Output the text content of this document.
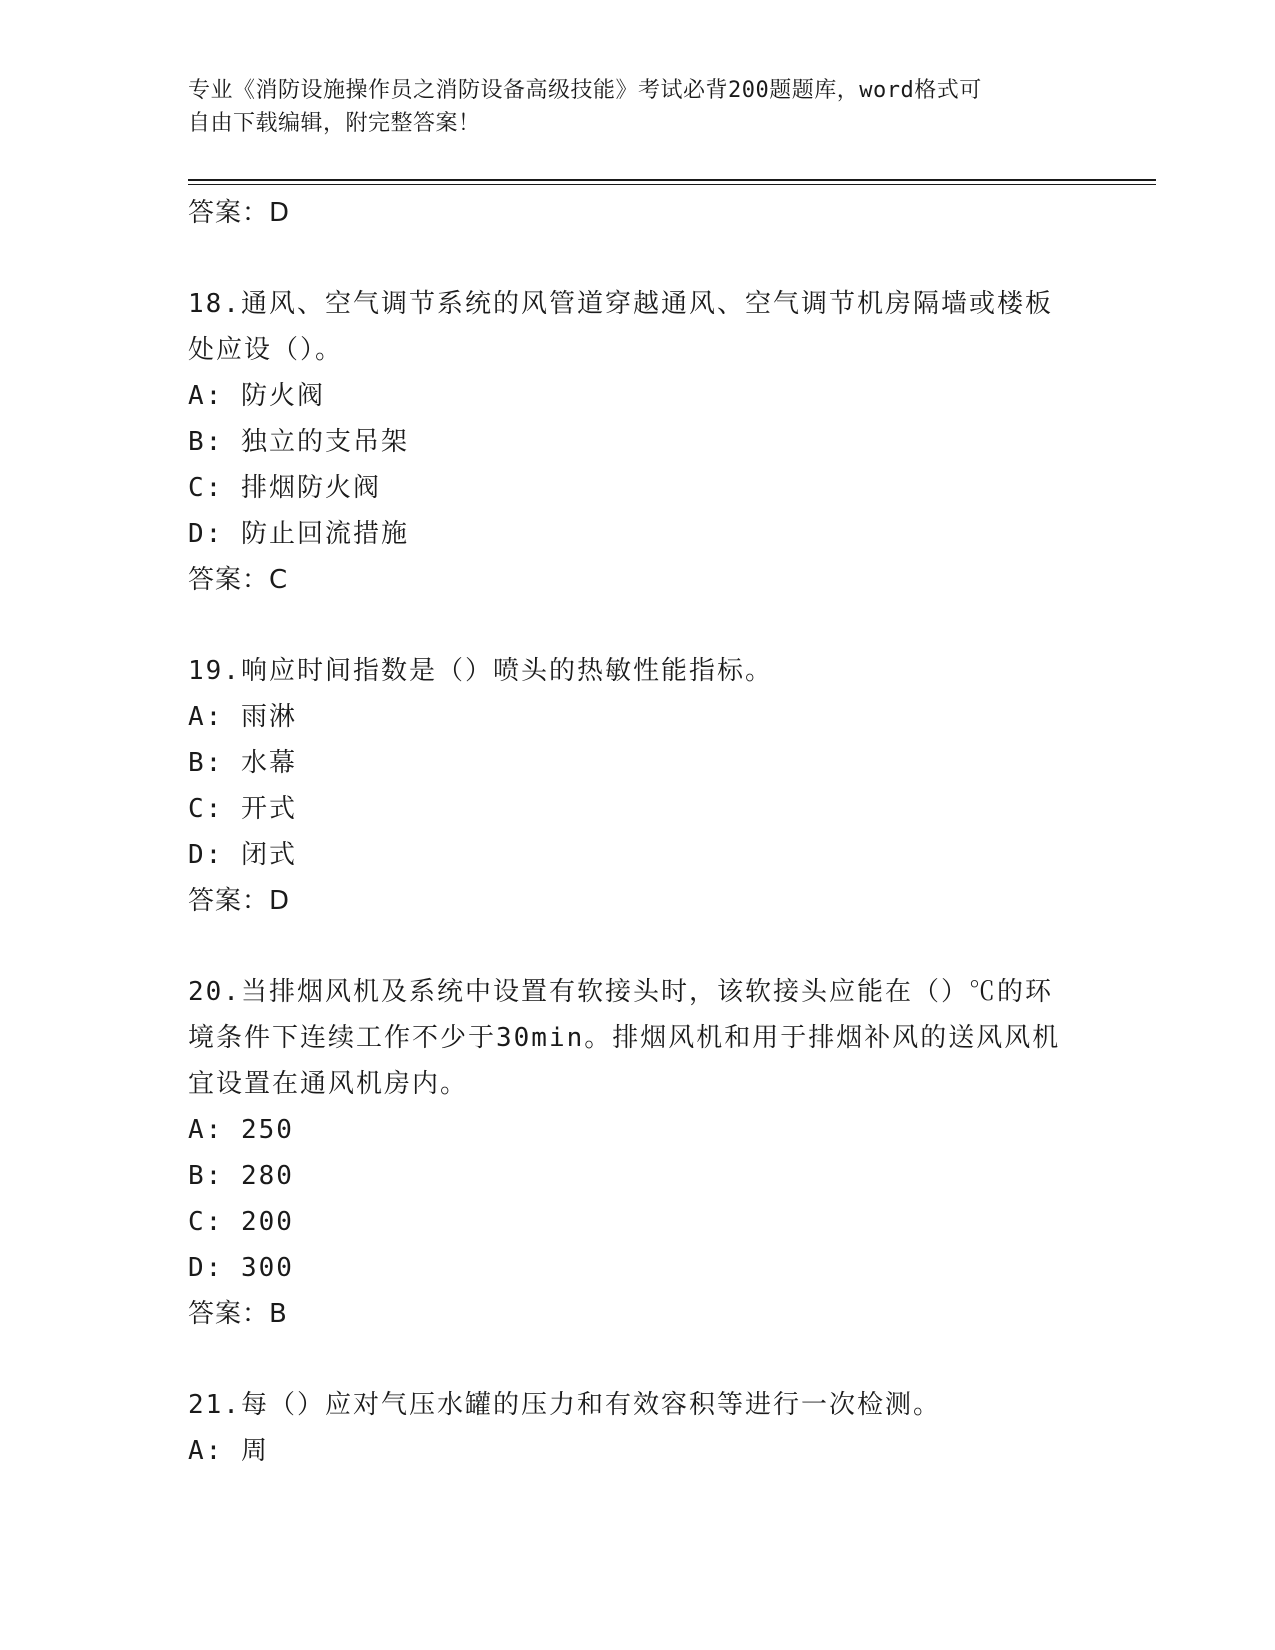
专业《消防设施操作员之消防设备高级技能》考试必背200题题库，word格式可
自由下载编辑，附完整答案！
答案：D
18.通风、空气调节系统的风管道穿越通风、空气调节机房隔墙或楼板
处应设（）。
A: 防火阀
B: 独立的支吊架
C: 排烟防火阀
D: 防止回流措施
答案：C
19.响应时间指数是（）喷头的热敏性能指标。
A: 雨淋
B: 水幕
C: 开式
D: 闭式
答案：D
20.当排烟风机及系统中设置有软接头时，该软接头应能在（）℃的环
境条件下连续工作不少于30min。排烟风机和用于排烟补风的送风风机
宜设置在通风机房内。
A: 250
B: 280
C: 200
D: 300
答案：B
21.每（）应对气压水罐的压力和有效容积等进行一次检测。
A: 周
